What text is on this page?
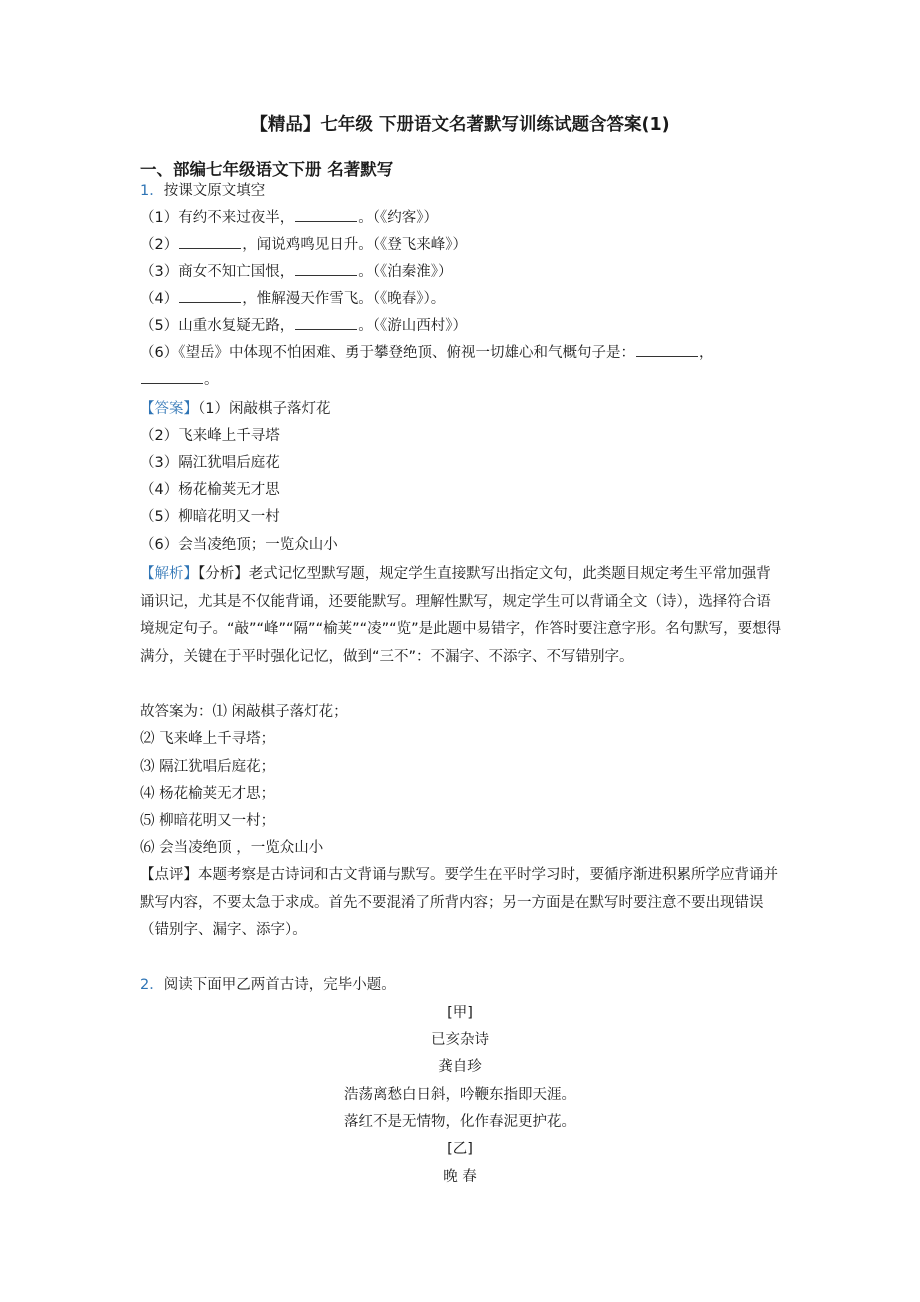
【精品】七年级 下册语文名著默写训练试题含答案(1)
一、部编七年级语文下册 名著默写
1．按课文原文填空
（1）有约不来过夜半，	。（《约客》）
（2）	，闻说鸡鸣见日升。（《登飞来峰》）
（3）商女不知亡国恨，	。（《泊秦淮》）
（4）	，惟解漫天作雪飞。（《晚春》）。
（5）山重水复疑无路，	。（《游山西村》）
（6）《望岳》中体现不怕困难、勇于攀登绝顶、俯视一切雄心和气概句子是：	，
。
【答案】（1）闲敲棋子落灯花
（2）飞来峰上千寻塔
（3）隔江犹唱后庭花
（4）杨花榆荚无才思
（5）柳暗花明又一村
（6）会当凌绝顶；一览众山小
【解析】【分析】老式记忆型默写题，规定学生直接默写出指定文句，此类题目规定考生平常加强背诵识记，尤其是不仅能背诵，还要能默写。理解性默写，规定学生可以背诵全文（诗），选择符合语境规定句子。“敲”“峰”“隔”“榆荚”“凌”“览”是此题中易错字，作答时要注意字形。名句默写，要想得满分，关键在于平时强化记忆，做到“三不”：不漏字、不添字、不写错别字。
故答案为：⑴ 闲敲棋子落灯花；
⑵ 飞来峰上千寻塔；
⑶ 隔江犹唱后庭花；
⑷ 杨花榆荚无才思；
⑸ 柳暗花明又一村；
⑹ 会当凌绝顶 ，一览众山小
【点评】本题考察是古诗词和古文背诵与默写。要学生在平时学习时，要循序渐进积累所学应背诵并默写内容，不要太急于求成。首先不要混淆了所背内容；另一方面是在默写时要注意不要出现错误（错别字、漏字、添字）。
2．阅读下面甲乙两首古诗，完毕小题。
[甲]
已亥杂诗
龚自珍
浩荡离愁白日斜，吟鞭东指即天涯。
落红不是无情物，化作春泥更护花。
[乙]
晚 春
